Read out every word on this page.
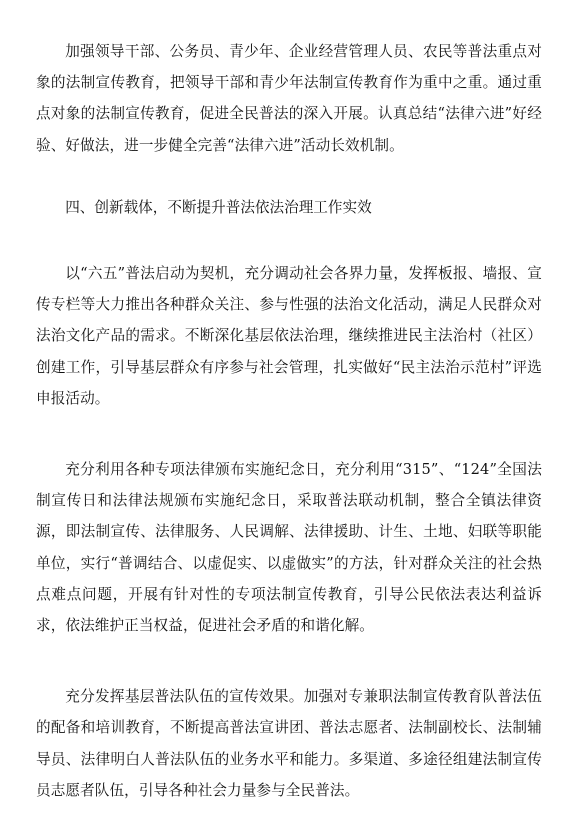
加强领导干部、公务员、青少年、企业经营管理人员、农民等普法重点对象的法制宣传教育，把领导干部和青少年法制宣传教育作为重中之重。通过重点对象的法制宣传教育，促进全民普法的深入开展。认真总结“法律六进”好经验、好做法，进一步健全完善“法律六进”活动长效机制。

四、创新载体，不断提升普法依法治理工作实效

以“六五”普法启动为契机，充分调动社会各界力量，发挥板报、墙报、宣传专栏等大力推出各种群众关注、参与性强的法治文化活动，满足人民群众对法治文化产品的需求。不断深化基层依法治理，继续推进民主法治村（社区）创建工作，引导基层群众有序参与社会管理，扎实做好“民主法治示范村”评选申报活动。

充分利用各种专项法律颁布实施纪念日，充分利用“315”、“124”全国法制宣传日和法律法规颁布实施纪念日，采取普法联动机制，整合全镇法律资源，即法制宣传、法律服务、人民调解、法律援助、计生、土地、妇联等职能单位，实行“普调结合、以虚促实、以虚做实”的方法，针对群众关注的社会热点难点问题，开展有针对性的专项法制宣传教育，引导公民依法表达利益诉求，依法维护正当权益，促进社会矛盾的和谐化解。

充分发挥基层普法队伍的宣传效果。加强对专兼职法制宣传教育队普法伍的配备和培训教育，不断提高普法宣讲团、普法志愿者、法制副校长、法制辅导员、法律明白人普法队伍的业务水平和能力。多渠道、多途径组建法制宣传员志愿者队伍，引导各种社会力量参与全民普法。
